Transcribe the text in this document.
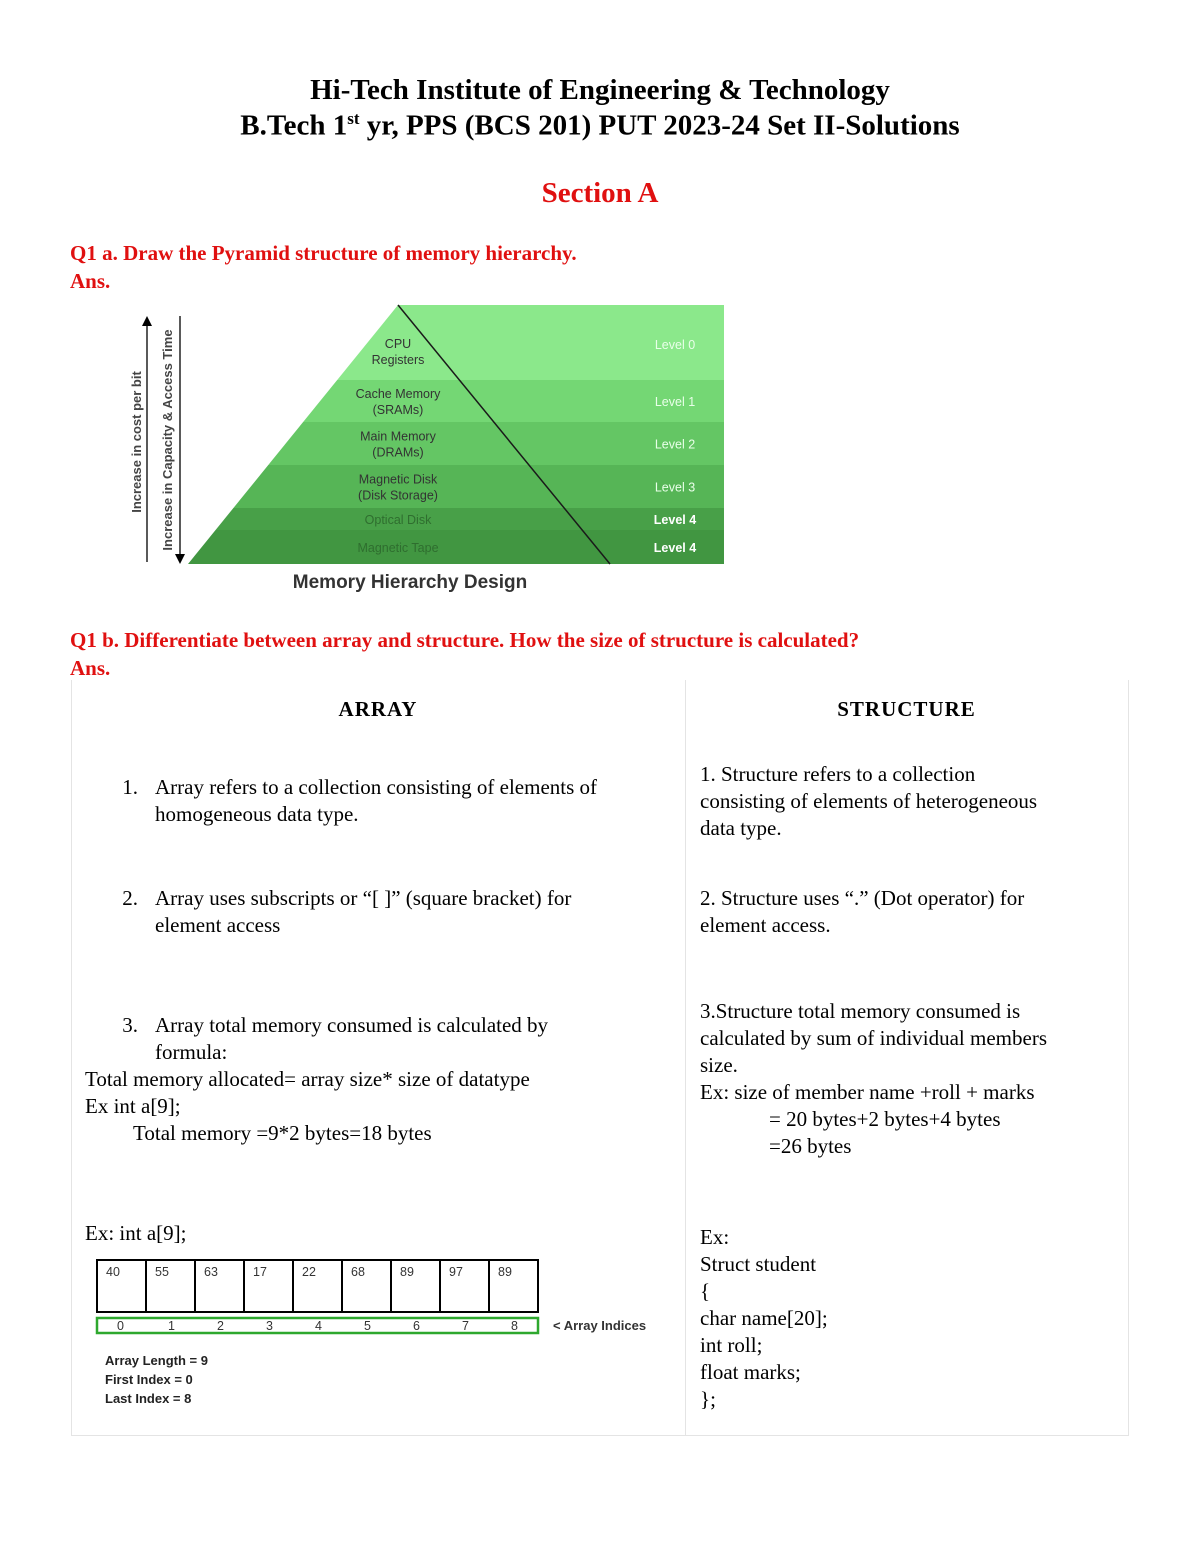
Hi-Tech Institute of Engineering & Technology
B.Tech 1st yr, PPS (BCS 201) PUT 2023-24 Set II-Solutions
Section A
Q1 a. Draw the Pyramid structure of memory hierarchy.
Ans.
Increase in cost per bit Increase in Capacity & Access Time	CPU
Registers
Level 0
Cache Memory
(SRAMs)
Level 1
Main Memory
(DRAMs)
Level 2
Magnetic Disk
(Disk Storage)
Level 3
Optical Disk	Level 4
Magnetic Tape	Level 4
Memory Hierarchy Design
Q1 b. Differentiate between array and structure. How the size of structure is calculated?
Ans.
ARRAY	STRUCTURE
1. Array refers to a collection consisting of elements of
homogeneous data type.
1. Structure refers to a collection
consisting of elements of heterogeneous
data type.
2. Array uses subscripts or “[ ]” (square bracket) for
element access
2. Structure uses “.” (Dot operator) for
element access.
3. Array total memory consumed is calculated by
formula:
Total memory allocated= array size* size of datatype
Ex int a[9];
Total memory =9*2 bytes=18 bytes
3.Structure total memory consumed is
calculated by sum of individual members
size.
Ex: size of member name +roll + marks
= 20 bytes+2 bytes+4 bytes
=26 bytes
Ex: int a[9];	Ex:
Struct student
{
char name[20];
int roll;
float marks;
};
40	55	63	17	22	68	89	97	89
0	1	2	3	4	5	6	7	8	< Array Indices
Array Length = 9
First Index = 0
Last Index = 8
